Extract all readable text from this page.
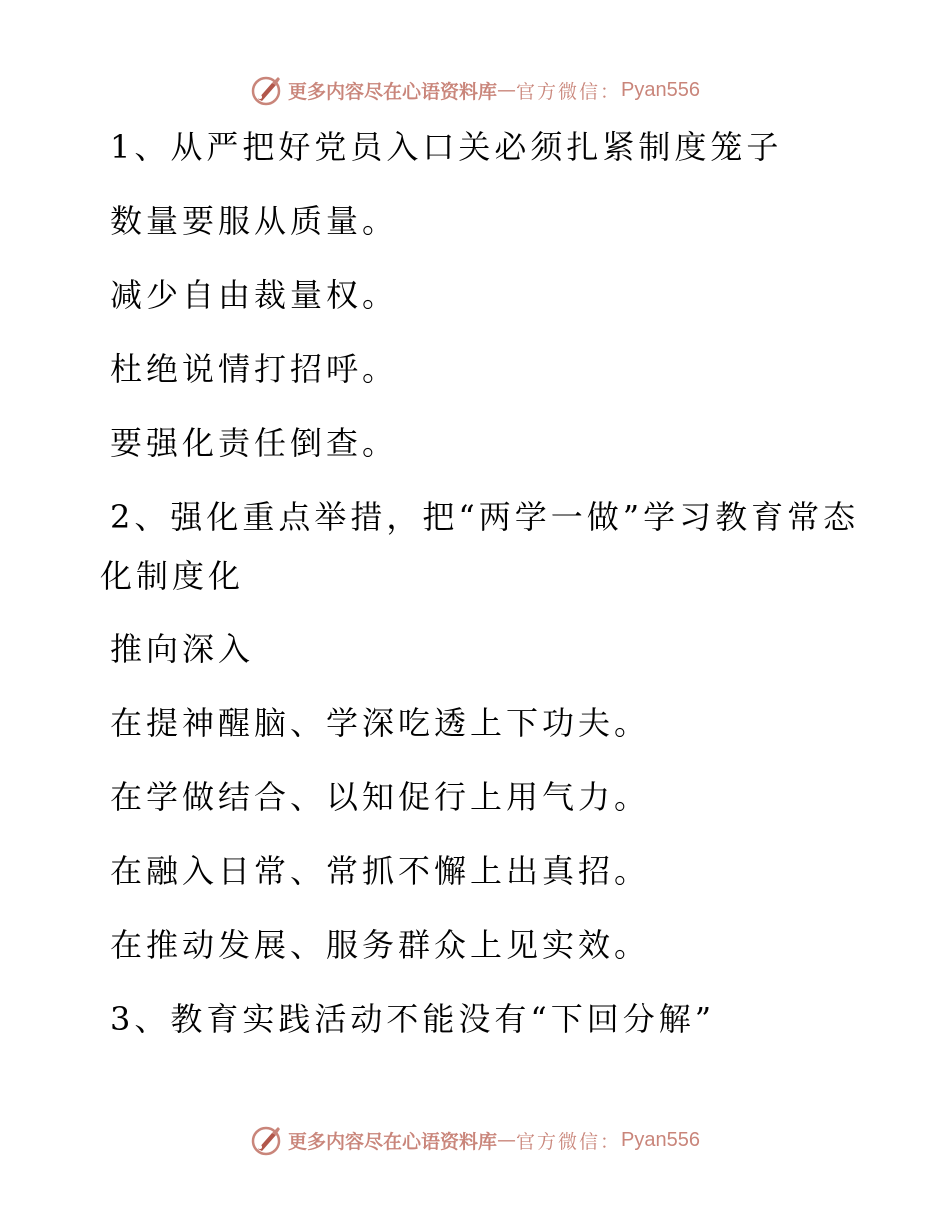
更多内容尽在心语资料库 — 官方微信： Pyan556
1、从严把好党员入口关必须扎紧制度笼子
数量要服从质量。
减少自由裁量权。
杜绝说情打招呼。
要强化责任倒查。
2、强化重点举措，把“两学一做”学习教育常态
化制度化
推向深入
在提神醒脑、学深吃透上下功夫。
在学做结合、以知促行上用气力。
在融入日常、常抓不懈上出真招。
在推动发展、服务群众上见实效。
3、教育实践活动不能没有“下回分解”
更多内容尽在心语资料库 — 官方微信： Pyan556
